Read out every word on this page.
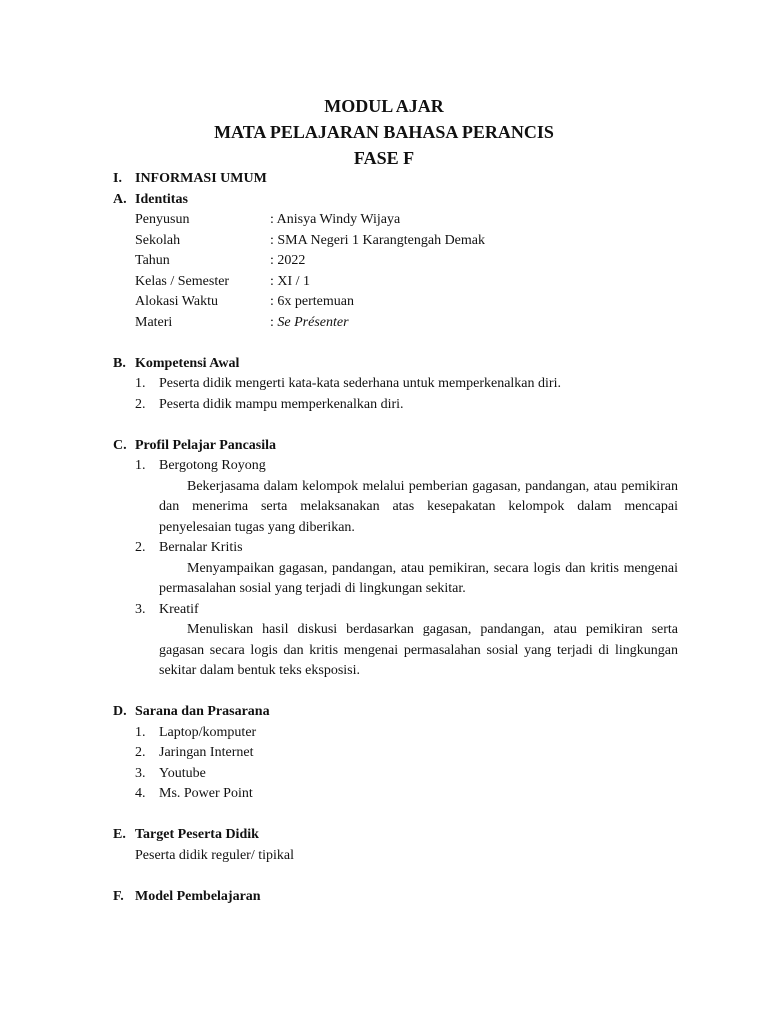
MODUL AJAR
MATA PELAJARAN BAHASA PERANCIS
FASE F
I. INFORMASI UMUM
A. Identitas
Penyusun	: Anisya Windy Wijaya
Sekolah	: SMA Negeri 1 Karangtengah Demak
Tahun	: 2022
Kelas / Semester	: XI / 1
Alokasi Waktu	: 6x pertemuan
Materi	: Se Présenter
B. Kompetensi Awal
1. Peserta didik mengerti kata-kata sederhana untuk memperkenalkan diri.
2. Peserta didik mampu memperkenalkan diri.
C. Profil Pelajar Pancasila
1. Bergotong Royong
Bekerjasama dalam kelompok melalui pemberian gagasan, pandangan, atau pemikiran dan menerima serta melaksanakan atas kesepakatan kelompok dalam mencapai penyelesaian tugas yang diberikan.
2. Bernalar Kritis
Menyampaikan gagasan, pandangan, atau pemikiran, secara logis dan kritis mengenai permasalahan sosial yang terjadi di lingkungan sekitar.
3. Kreatif
Menuliskan hasil diskusi berdasarkan gagasan, pandangan, atau pemikiran serta gagasan secara logis dan kritis mengenai permasalahan sosial yang terjadi di lingkungan sekitar dalam bentuk teks eksposisi.
D. Sarana dan Prasarana
1. Laptop/komputer
2. Jaringan Internet
3. Youtube
4. Ms. Power Point
E. Target Peserta Didik
Peserta didik reguler/ tipikal
F. Model Pembelajaran
